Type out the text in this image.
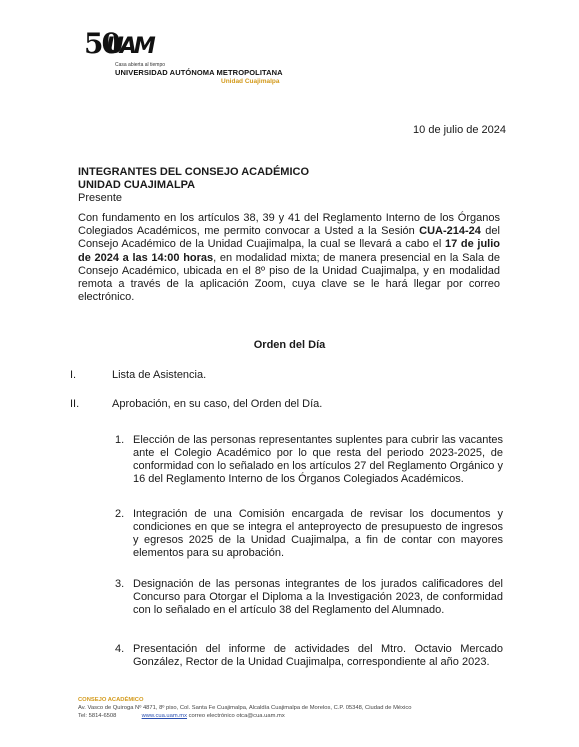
50
UAM
Casa abierta al tiempo
UNIVERSIDAD AUTÓNOMA METROPOLITANA
Unidad Cuajimalpa
10 de julio de 2024
INTEGRANTES DEL CONSEJO ACADÉMICO
UNIDAD CUAJIMALPA
Presente

Con fundamento en los artículos 38, 39 y 41 del Reglamento Interno de los Órganos Colegiados Académicos, me permito convocar a Usted a la Sesión CUA-214-24 del Consejo Académico de la Unidad Cuajimalpa, la cual se llevará a cabo el 17 de julio de 2024 a las 14:00 horas, en modalidad mixta; de manera presencial en la Sala de Consejo Académico, ubicada en el 8º piso de la Unidad Cuajimalpa, y en modalidad remota a través de la aplicación Zoom, cuya clave se le hará llegar por correo electrónico.

Orden del Día
I.	Lista de Asistencia.
II.	Aprobación, en su caso, del Orden del Día.
1. Elección de las personas representantes suplentes para cubrir las vacantes ante el Colegio Académico por lo que resta del periodo 2023-2025, de conformidad con lo señalado en los artículos 27 del Reglamento Orgánico y 16 del Reglamento Interno de los Órganos Colegiados Académicos.
2. Integración de una Comisión encargada de revisar los documentos y condiciones en que se integra el anteproyecto de presupuesto de ingresos y egresos 2025 de la Unidad Cuajimalpa, a fin de contar con mayores elementos para su aprobación.
3. Designación de las personas integrantes de los jurados calificadores del Concurso para Otorgar el Diploma a la Investigación 2023, de conformidad con lo señalado en el artículo 38 del Reglamento del Alumnado.
4. Presentación del informe de actividades del Mtro. Octavio Mercado González, Rector de la Unidad Cuajimalpa, correspondiente al año 2023.
CONSEJO ACADÉMICO
Av. Vasco de Quiroga Nº 4871, 8º piso, Col. Santa Fe Cuajimalpa, Alcaldía Cuajimalpa de Morelos, C.P. 05348, Ciudad de México
Tel: 5814-6508	www.cua.uam.mx correo electrónico otca@cua.uam.mx
